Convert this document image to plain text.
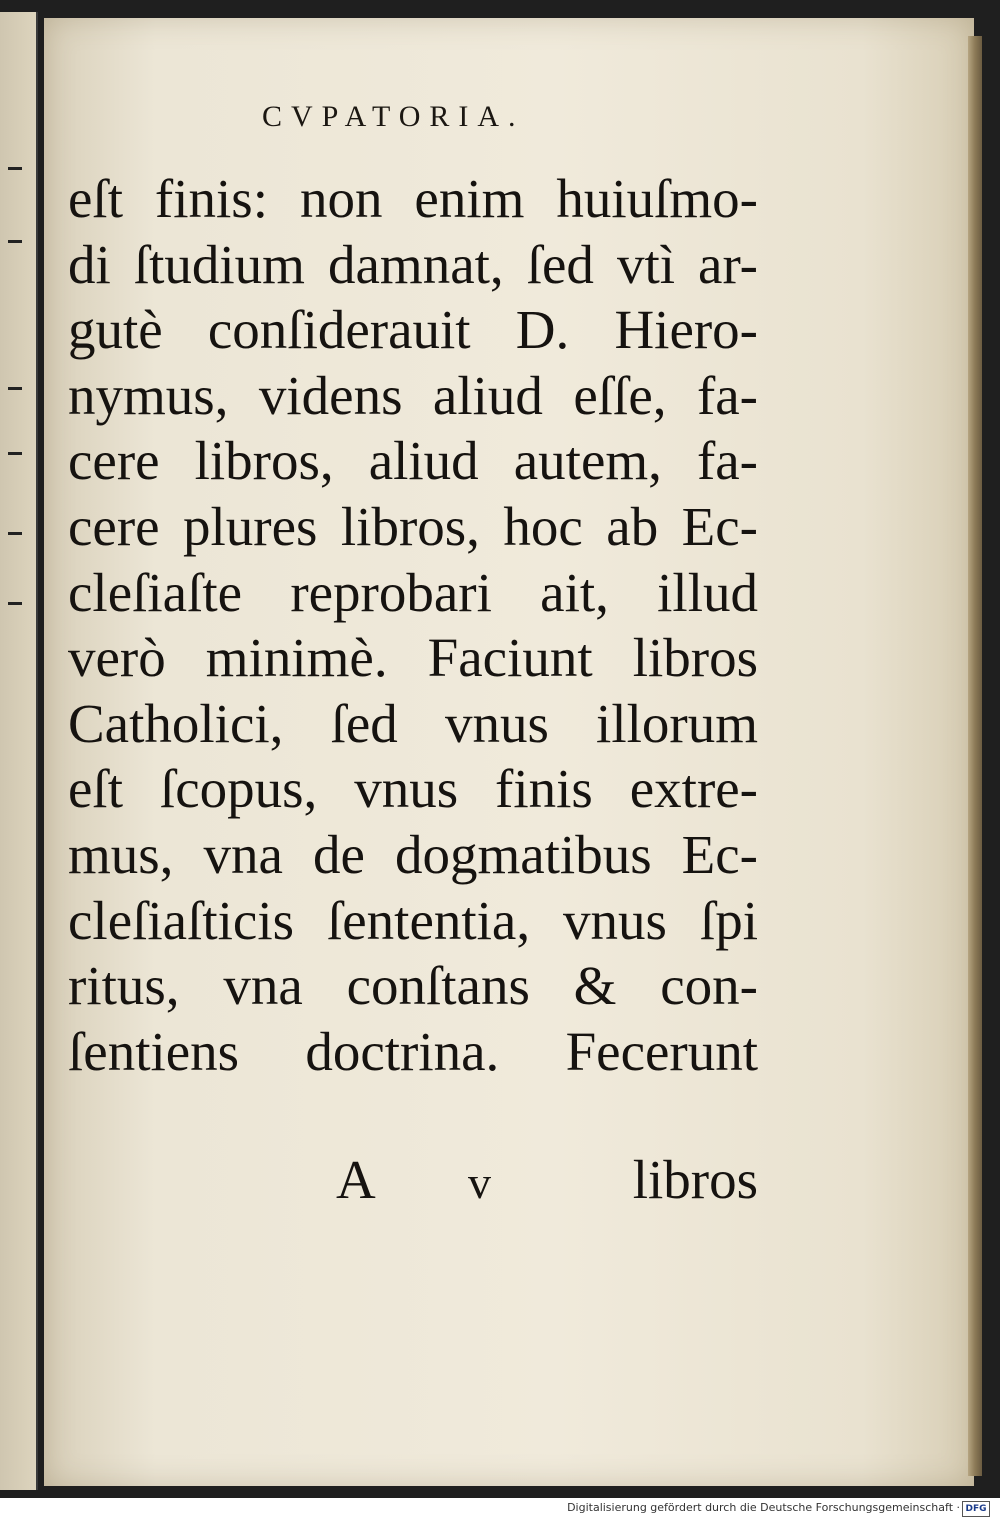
CVPATORIA.
eſt finis: non enim huiuſmo-
di ſtudium damnat, ſed vtì ar-
gutè conſiderauit D. Hiero-
nymus, videns aliud eſſe, fa-
cere libros, aliud autem, fa-
cere plures libros, hoc ab Ec-
cleſiaſte reprobari ait, illud
verò minimè. Faciunt libros
Catholici, ſed vnus illorum
eſt ſcopus, vnus finis extre-
mus, vna de dogmatibus Ec-
cleſiaſticis ſententia, vnus ſpi
ritus, vna conſtans & con-
ſentiens doctrina. Fecerunt
A v	libros
Digitalisierung gefördert durch die Deutsche Forschungsgemeinschaft · DFG
